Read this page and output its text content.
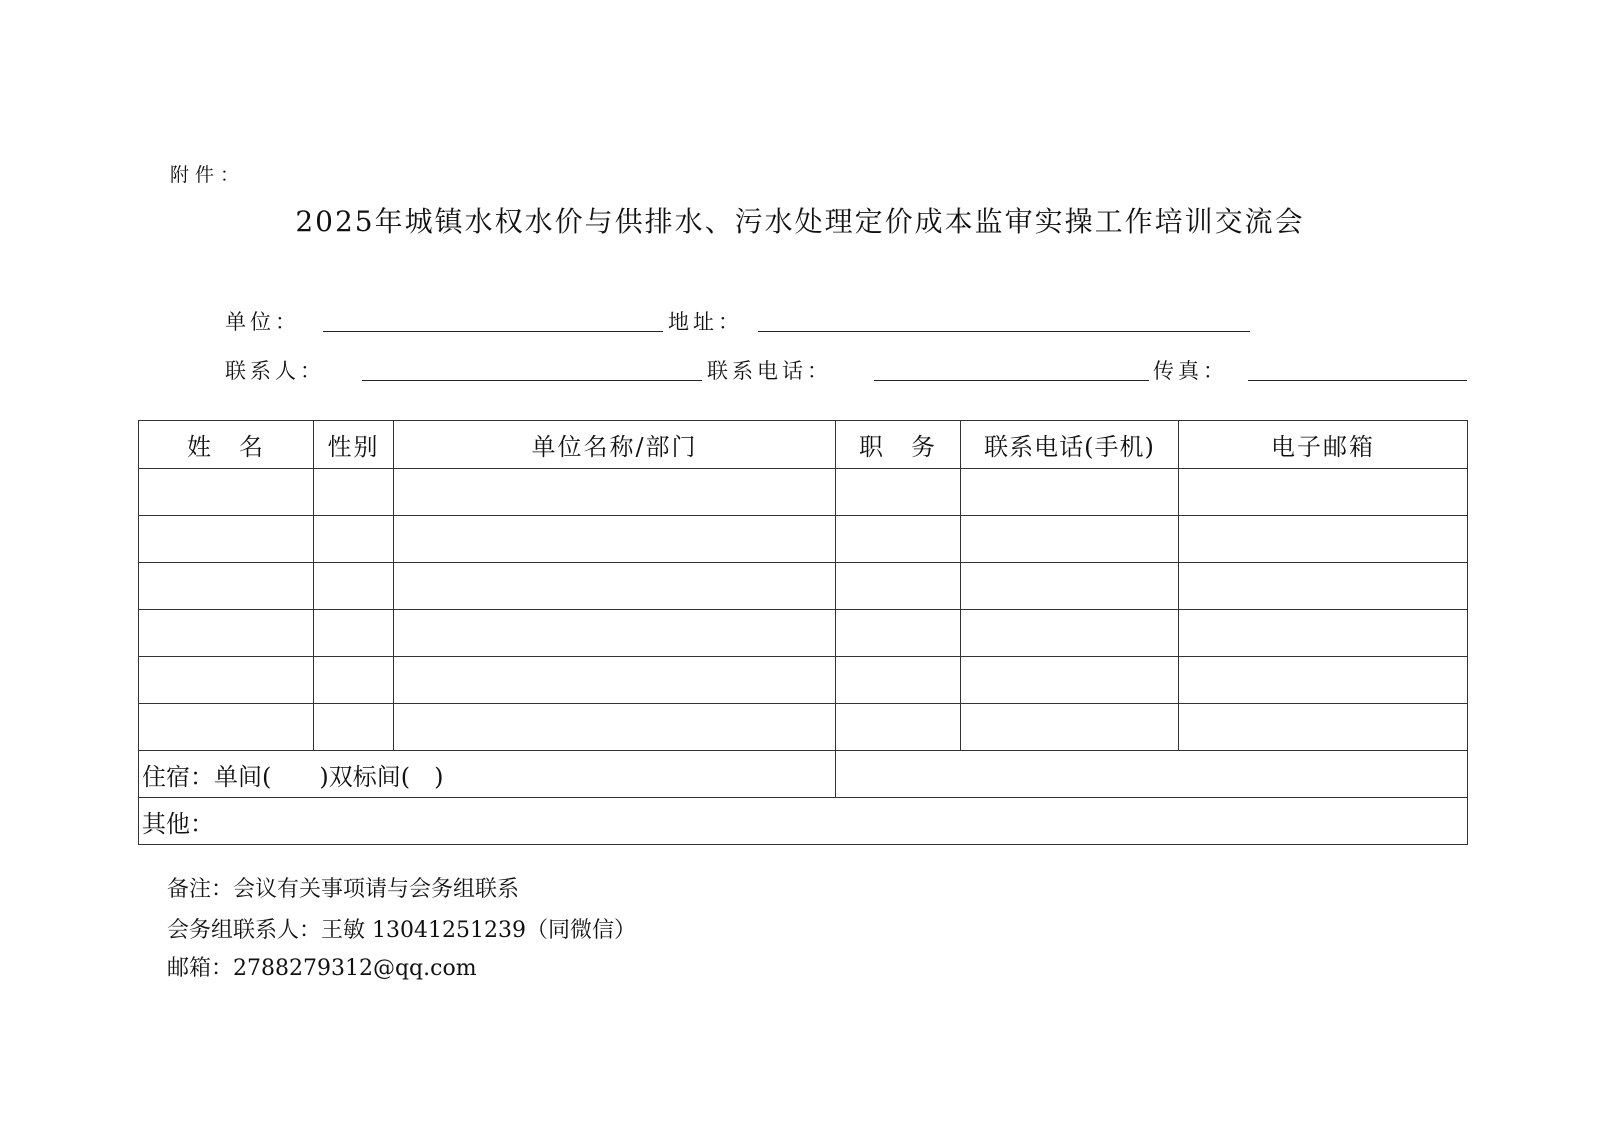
附件：
2025年城镇水权水价与供排水、污水处理定价成本监审实操工作培训交流会
单位：	地址：
联系人：	联系电话：	传真：
姓　名	性别	单位名称/部门	职　务	联系电话(手机)	电子邮箱

住宿：单间(　　)双标间(　)					
其他：					
备注：会议有关事项请与会务组联系
会务组联系人：王敏 13041251239（同微信）
邮箱：2788279312@qq.com
